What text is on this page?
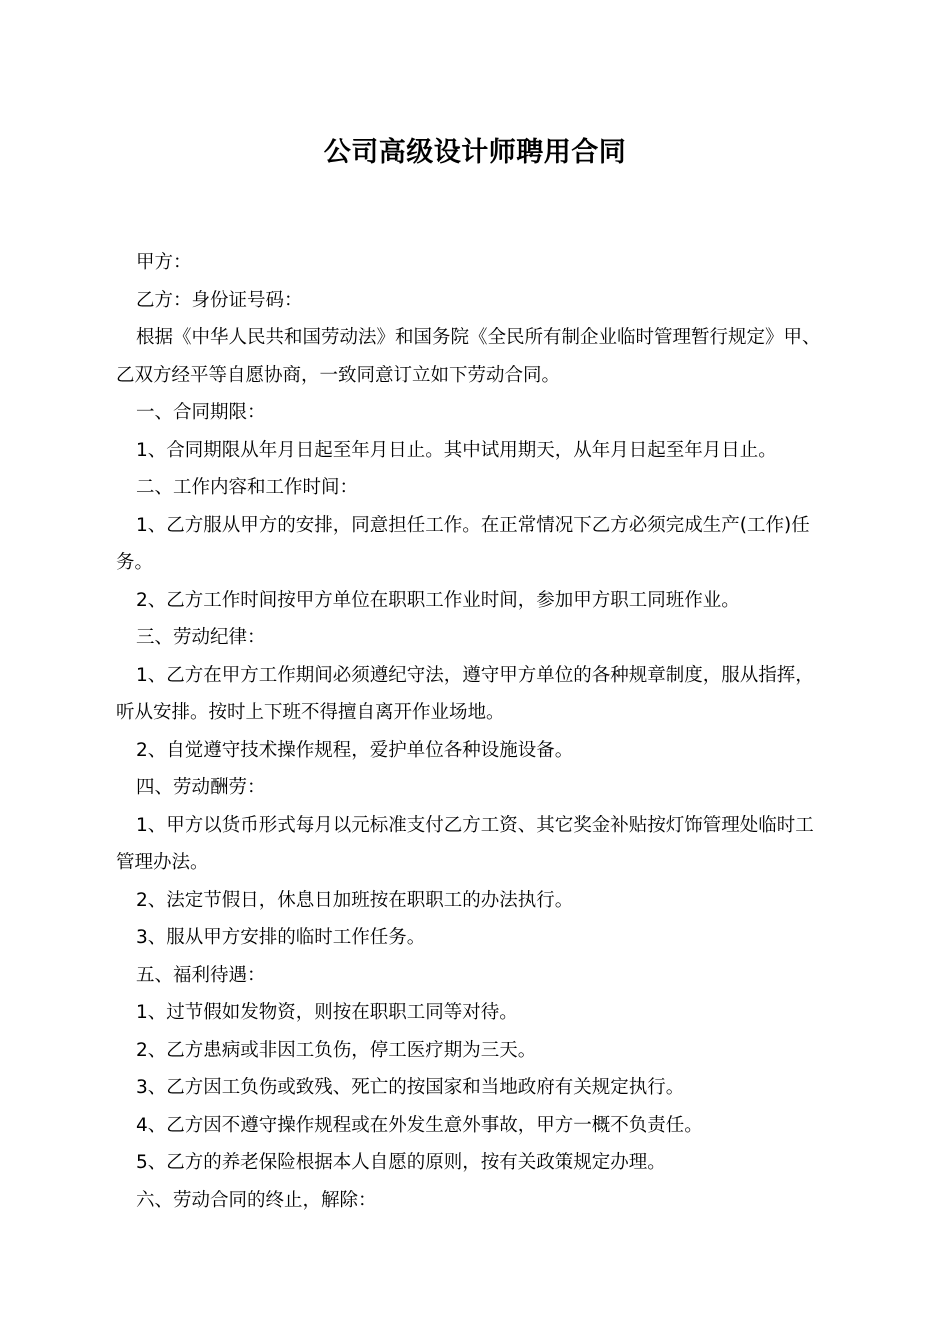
公司高级设计师聘用合同

甲方：

乙方：身份证号码：

根据《中华人民共和国劳动法》和国务院《全民所有制企业临时管理暂行规定》甲、

乙双方经平等自愿协商，一致同意订立如下劳动合同。

一、合同期限：

1、合同期限从年月日起至年月日止。其中试用期天，从年月日起至年月日止。

二、工作内容和工作时间：

1、乙方服从甲方的安排，同意担任工作。在正常情况下乙方必须完成生产(工作)任

务。

2、乙方工作时间按甲方单位在职职工作业时间，参加甲方职工同班作业。

三、劳动纪律：

1、乙方在甲方工作期间必须遵纪守法，遵守甲方单位的各种规章制度，服从指挥，

听从安排。按时上下班不得擅自离开作业场地。

2、自觉遵守技术操作规程，爱护单位各种设施设备。

四、劳动酬劳：

1、甲方以货币形式每月以元标准支付乙方工资、其它奖金补贴按灯饰管理处临时工

管理办法。

2、法定节假日，休息日加班按在职职工的办法执行。

3、服从甲方安排的临时工作任务。

五、福利待遇：

1、过节假如发物资，则按在职职工同等对待。

2、乙方患病或非因工负伤，停工医疗期为三天。

3、乙方因工负伤或致残、死亡的按国家和当地政府有关规定执行。

4、乙方因不遵守操作规程或在外发生意外事故，甲方一概不负责任。

5、乙方的养老保险根据本人自愿的原则，按有关政策规定办理。

六、劳动合同的终止，解除：
